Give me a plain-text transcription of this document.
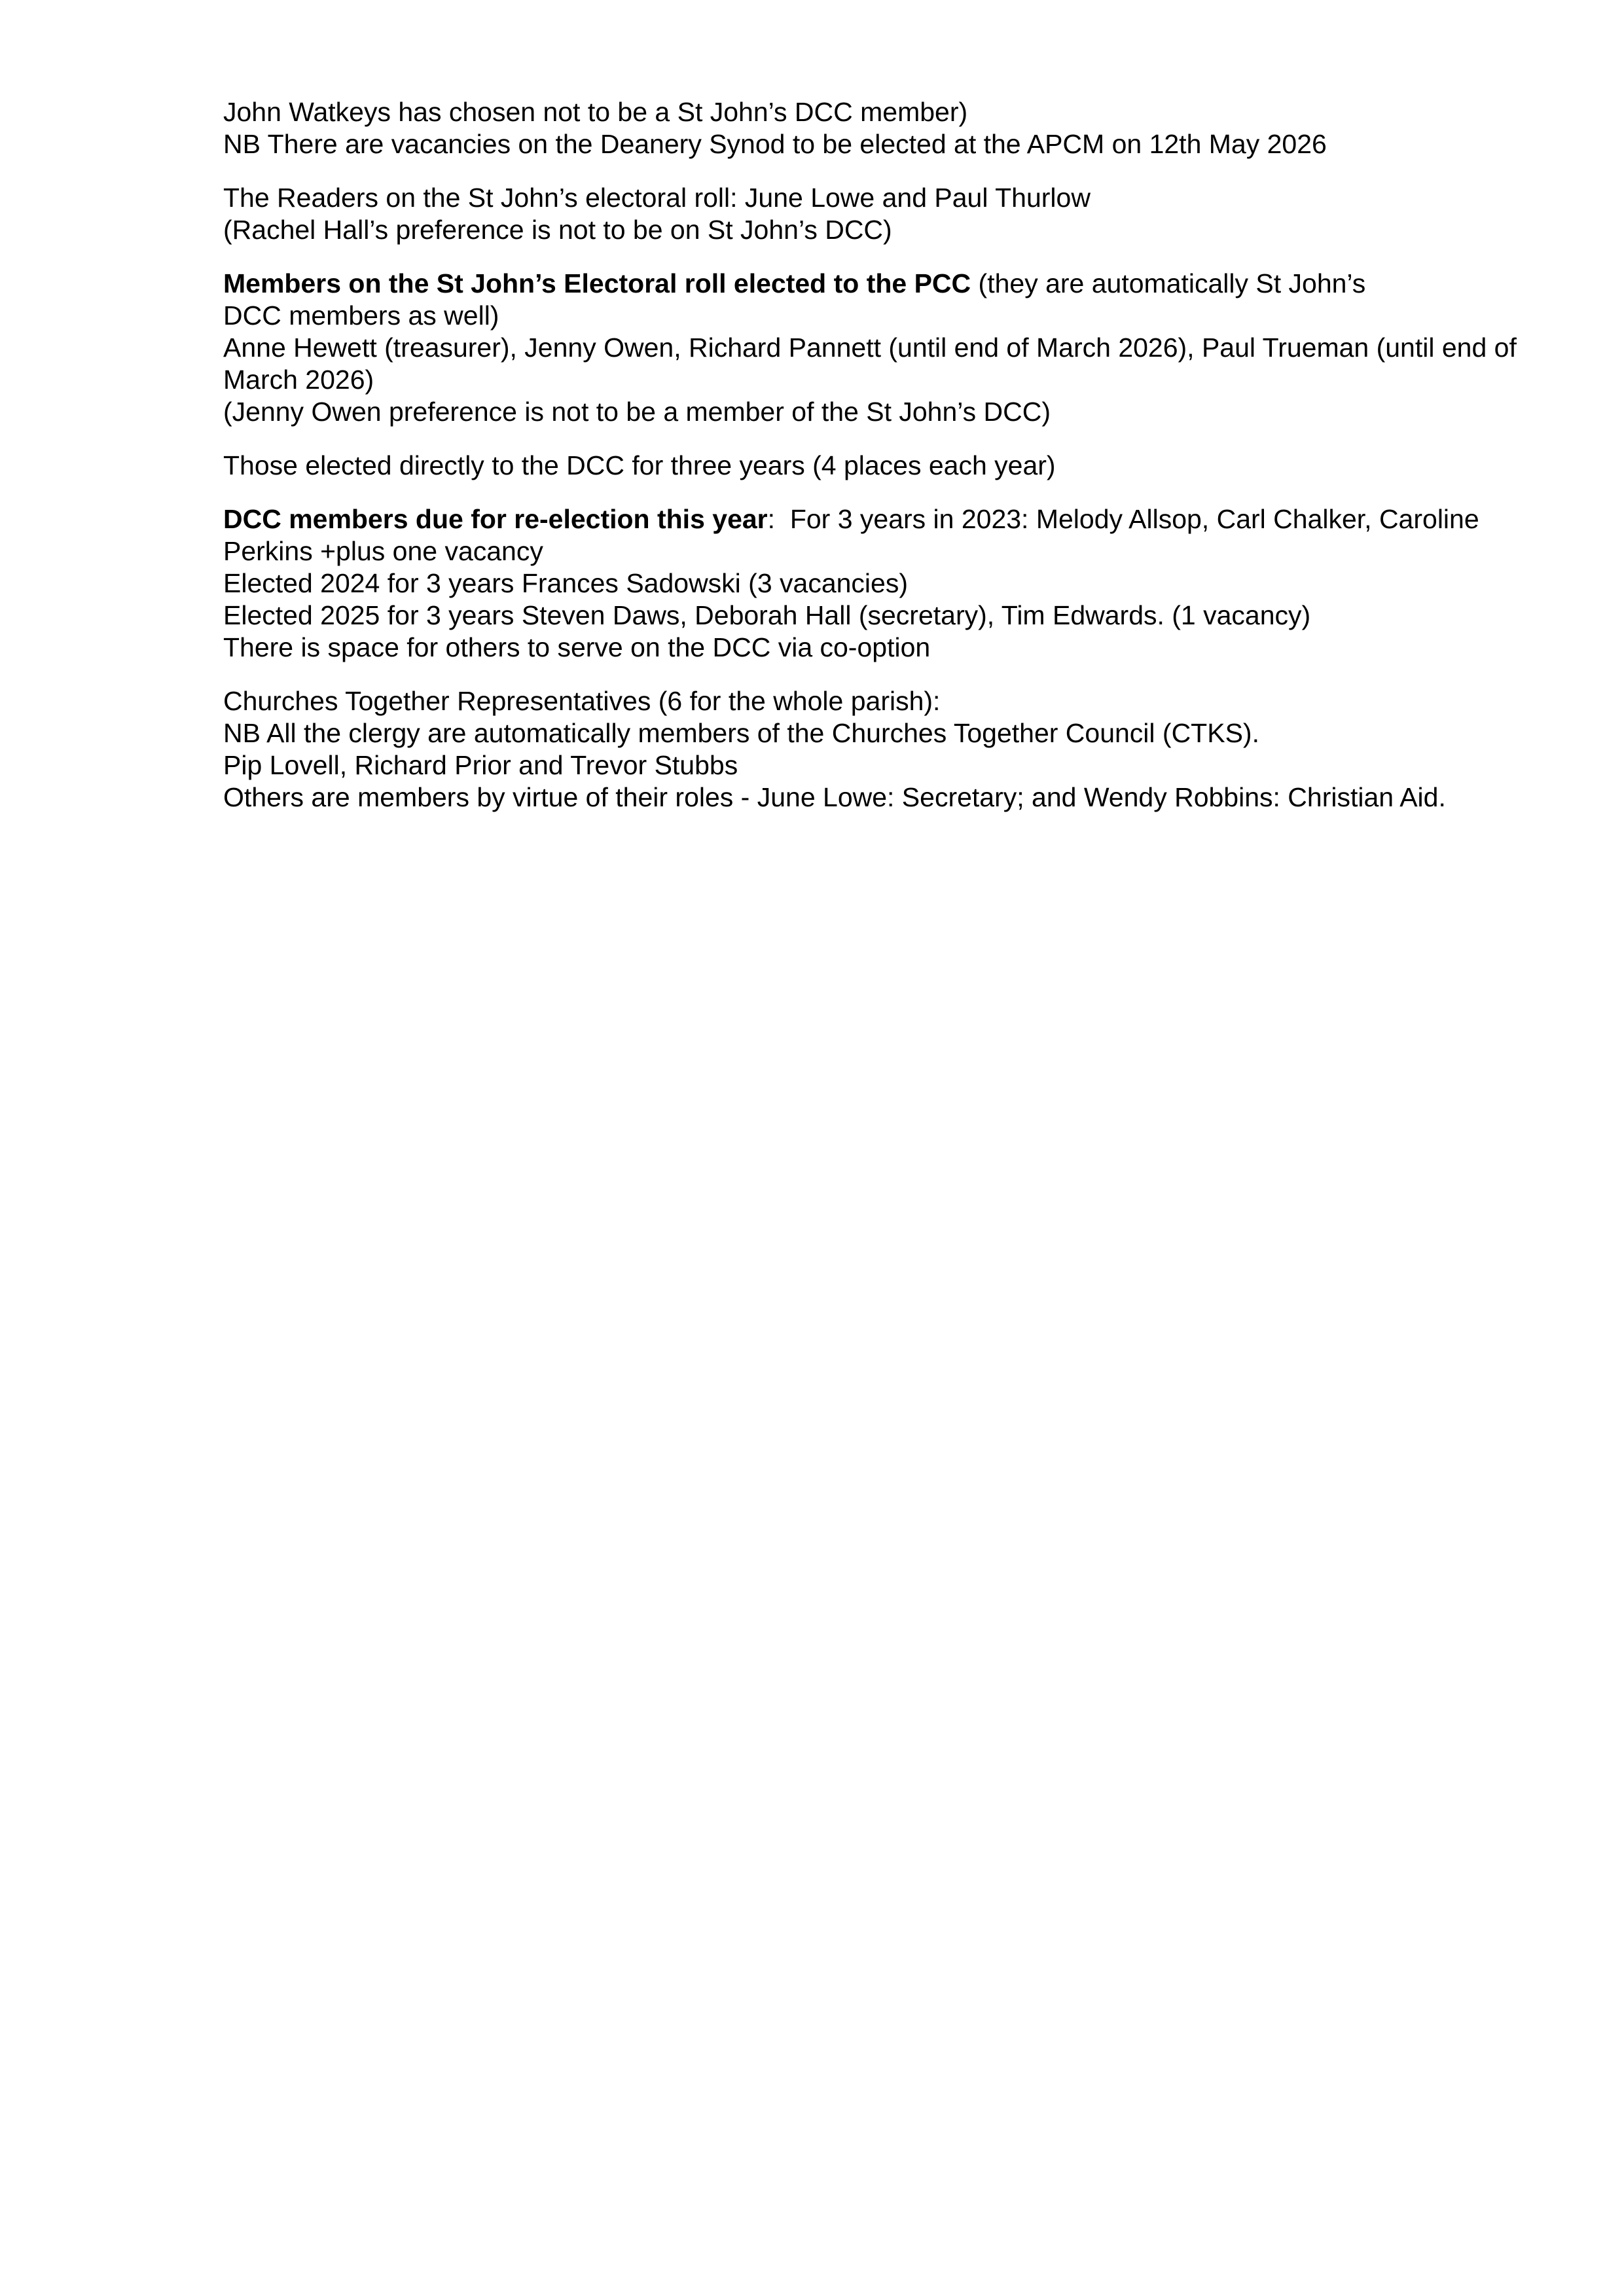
John Watkeys has chosen not to be a St John’s DCC member)
NB There are vacancies on the Deanery Synod to be elected at the APCM on 12th May 2026
The Readers on the St John’s electoral roll: June Lowe and Paul Thurlow
(Rachel Hall’s preference is not to be on St John’s DCC)
Members on the St John’s Electoral roll elected to the PCC (they are automatically St John’s
DCC members as well)
Anne Hewett (treasurer), Jenny Owen, Richard Pannett (until end of March 2026), Paul Trueman (until end of
March 2026)
(Jenny Owen preference is not to be a member of the St John’s DCC)
Those elected directly to the DCC for three years (4 places each year)
DCC members due for re-election this year:  For 3 years in 2023: Melody Allsop, Carl Chalker, Caroline
Perkins +plus one vacancy
Elected 2024 for 3 years Frances Sadowski (3 vacancies)
Elected 2025 for 3 years Steven Daws, Deborah Hall (secretary), Tim Edwards. (1 vacancy)
There is space for others to serve on the DCC via co-option
Churches Together Representatives (6 for the whole parish):
NB All the clergy are automatically members of the Churches Together Council (CTKS).
Pip Lovell, Richard Prior and Trevor Stubbs
Others are members by virtue of their roles - June Lowe: Secretary; and Wendy Robbins: Christian Aid.
